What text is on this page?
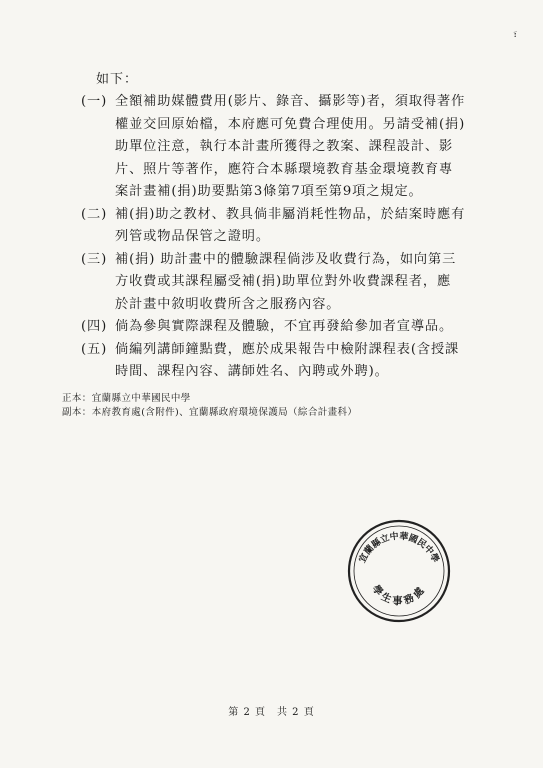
፣
如下：
(一) 全額補助媒體費用(影片、錄音、攝影等)者，須取得著作
權並交回原始檔，本府應可免費合理使用。另請受補(捐)
助單位注意，執行本計畫所獲得之教案、課程設計、影
片、照片等著作，應符合本縣環境教育基金環境教育專
案計畫補(捐)助要點第3條第7項至第9項之規定。
(二) 補(捐)助之教材、教具倘非屬消耗性物品，於結案時應有
列管或物品保管之證明。
(三) 補(捐) 助計畫中的體驗課程倘涉及收費行為，如向第三
方收費或其課程屬受補(捐)助單位對外收費課程者，應
於計畫中敘明收費所含之服務內容。
(四) 倘為參與實際課程及體驗，不宜再發給參加者宣導品。
(五) 倘編列講師鐘點費，應於成果報告中檢附課程表(含授課
時間、課程內容、講師姓名、內聘或外聘)。
正本：宜蘭縣立中華國民中學
副本：本府教育處(含附件)、宜蘭縣政府環境保護局（綜合計畫科）
宜蘭縣立中華國民中學
學生事務處
第 2 頁　共 2 頁
